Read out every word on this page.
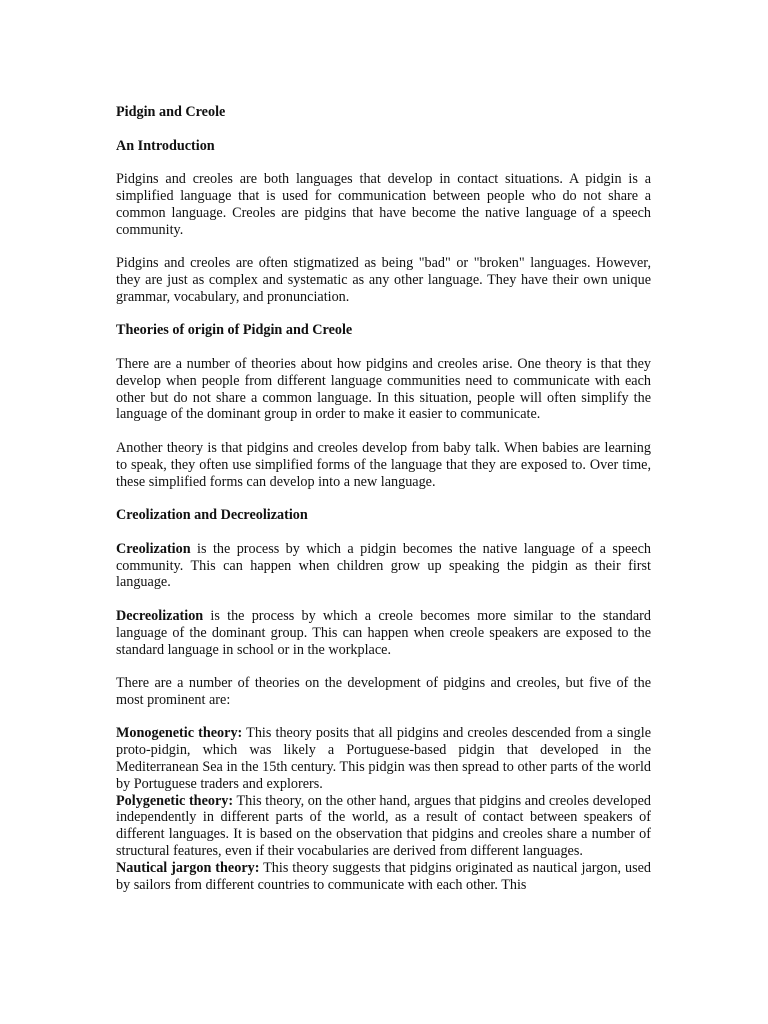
Pidgin and Creole

An Introduction

Pidgins and creoles are both languages that develop in contact situations. A pidgin is a simplified language that is used for communication between people who do not share a common language. Creoles are pidgins that have become the native language of a speech community.

Pidgins and creoles are often stigmatized as being "bad" or "broken" languages. However, they are just as complex and systematic as any other language. They have their own unique grammar, vocabulary, and pronunciation.

Theories of origin of Pidgin and Creole

There are a number of theories about how pidgins and creoles arise. One theory is that they develop when people from different language communities need to communicate with each other but do not share a common language. In this situation, people will often simplify the language of the dominant group in order to make it easier to communicate.

Another theory is that pidgins and creoles develop from baby talk. When babies are learning to speak, they often use simplified forms of the language that they are exposed to. Over time, these simplified forms can develop into a new language.

Creolization and Decreolization

Creolization is the process by which a pidgin becomes the native language of a speech community. This can happen when children grow up speaking the pidgin as their first language.

Decreolization is the process by which a creole becomes more similar to the standard language of the dominant group. This can happen when creole speakers are exposed to the standard language in school or in the workplace.

There are a number of theories on the development of pidgins and creoles, but five of the most prominent are:

Monogenetic theory: This theory posits that all pidgins and creoles descended from a single proto-pidgin, which was likely a Portuguese-based pidgin that developed in the Mediterranean Sea in the 15th century. This pidgin was then spread to other parts of the world by Portuguese traders and explorers.

Polygenetic theory: This theory, on the other hand, argues that pidgins and creoles developed independently in different parts of the world, as a result of contact between speakers of different languages. It is based on the observation that pidgins and creoles share a number of structural features, even if their vocabularies are derived from different languages.

Nautical jargon theory: This theory suggests that pidgins originated as nautical jargon, used by sailors from different countries to communicate with each other. This
